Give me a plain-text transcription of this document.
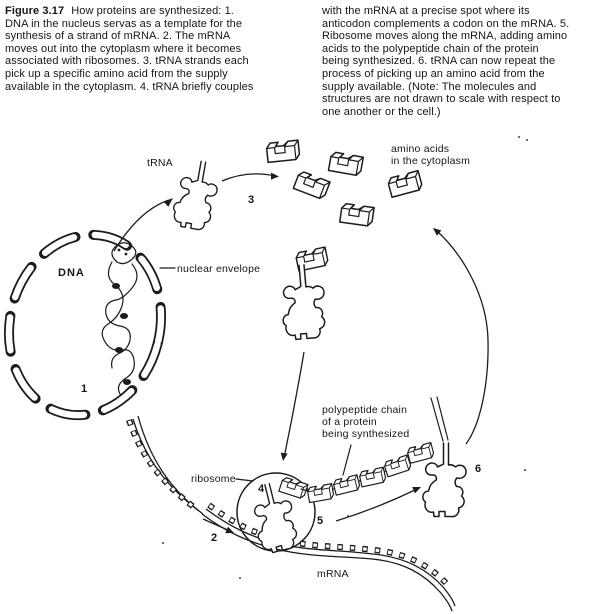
tRNA
amino acids
in the cytoplasm
nuclear envelope
DNA
ribosome
polypeptide chain
of a protein
being synthesized
mRNA
1
2
3
4
5
6
Figure 3.17 How proteins are synthesized: 1.
DNA in the nucleus servas as a template for the
synthesis of a strand of mRNA. 2. The mRNA
moves out into the cytoplasm where it becomes
associated with ribosomes. 3. tRNA strands each
pick up a specific amino acid from the supply
available in the cytoplasm. 4. tRNA briefly couples
with the mRNA at a precise spot where its
anticodon complements a codon on the mRNA. 5.
Ribosome moves along the mRNA, adding amino
acids to the polypeptide chain of the protein
being synthesized. 6. tRNA can now repeat the
process of picking up an amino acid from the
supply available. (Note: The molecules and
structures are not drawn to scale with respect to
one another or the cell.)
